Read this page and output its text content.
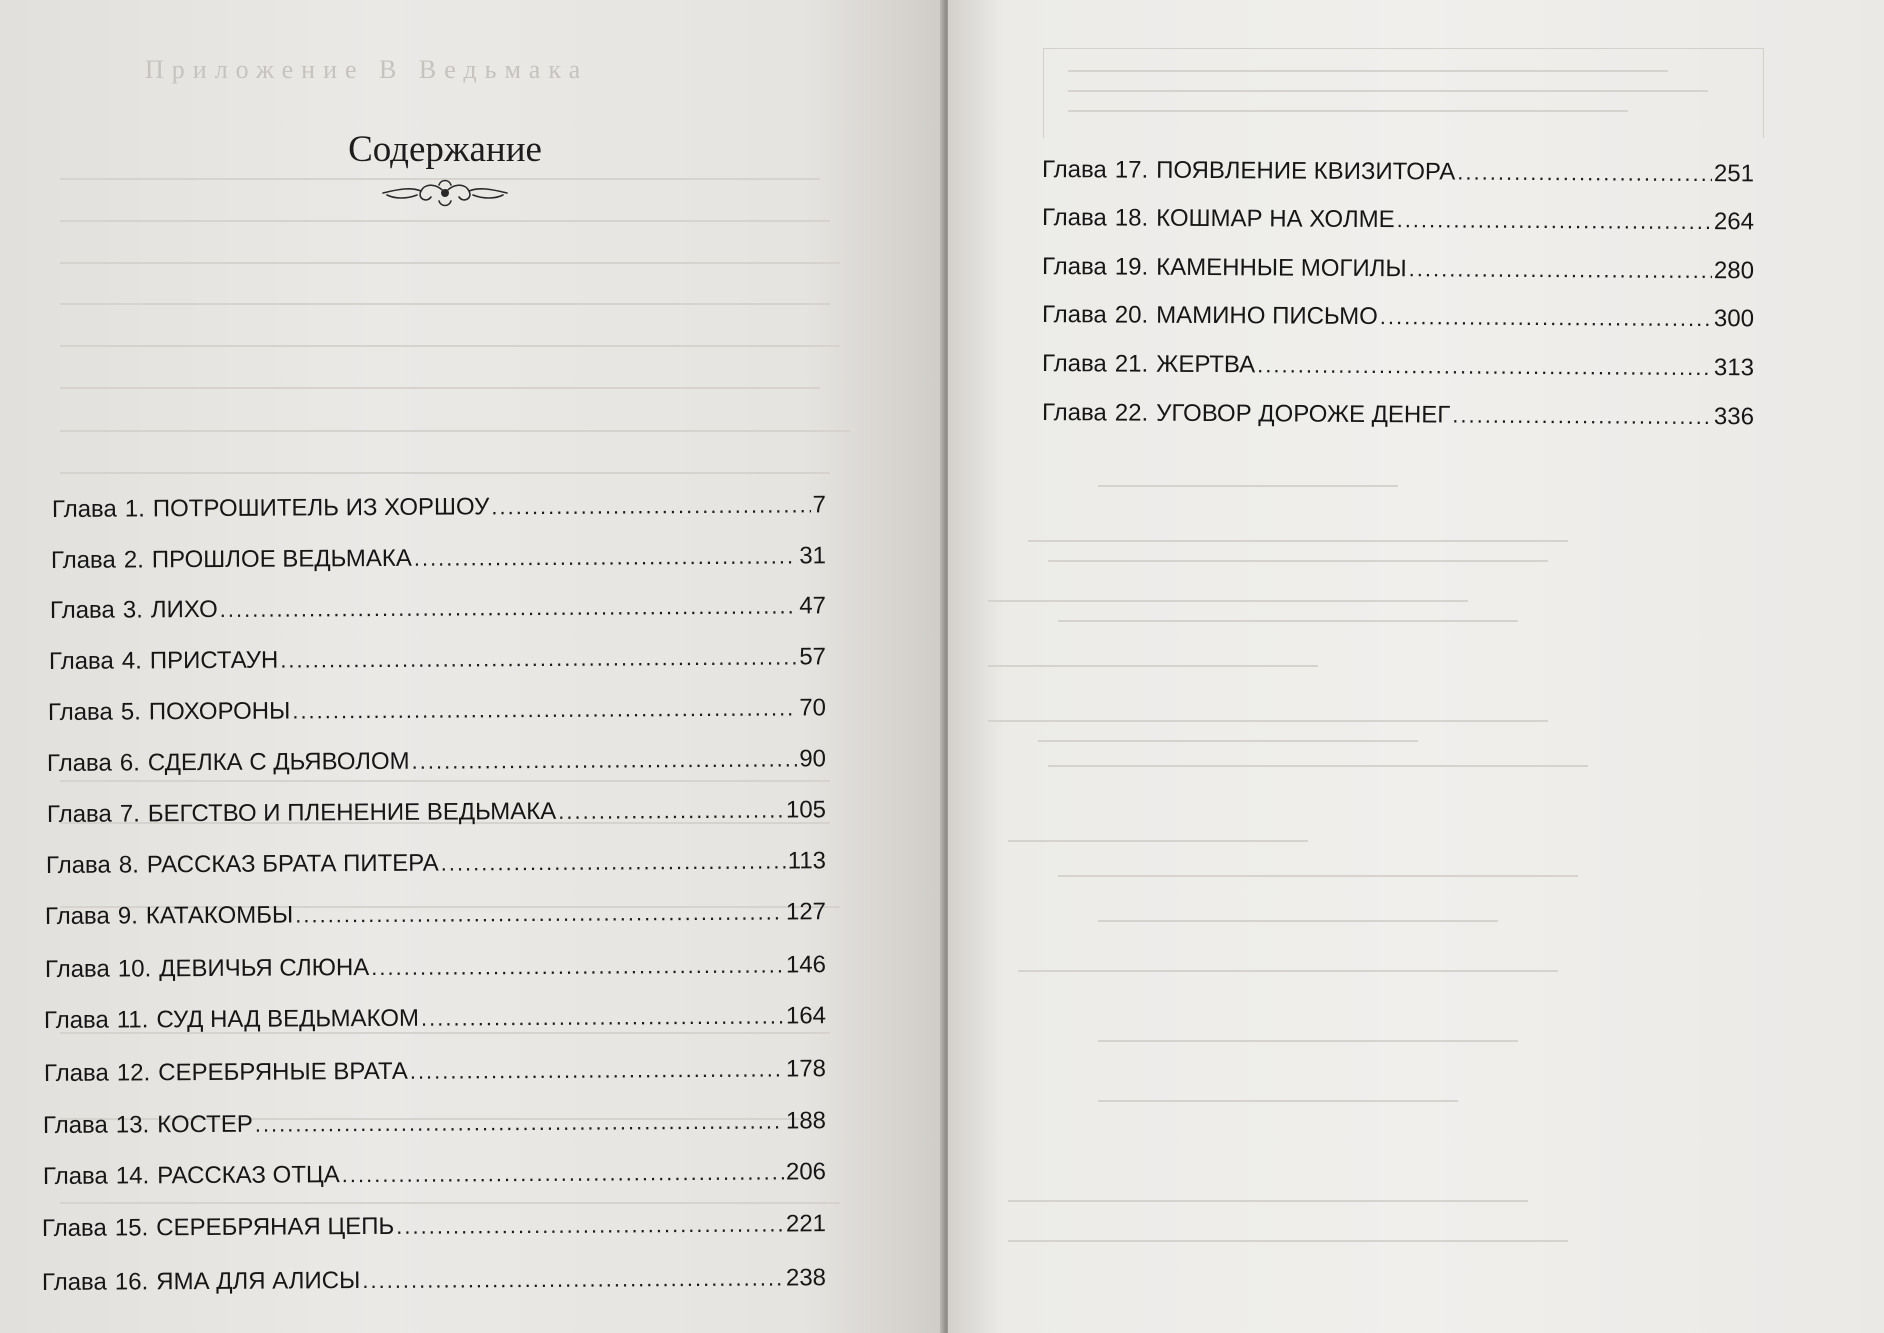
Приложение В Ведьмака
Содержание
Глава 1. ПОТРОШИТЕЛЬ ИЗ ХОРШОУ .....	7
Глава 2. ПРОШЛОЕ ВЕДЬМАКА .....	31
Глава 3. ЛИХО .....	47
Глава 4. ПРИСТАУН .....	57
Глава 5. ПОХОРОНЫ .....	70
Глава 6. СДЕЛКА С ДЬЯВОЛОМ .....	90
Глава 7. БЕГСТВО И ПЛЕНЕНИЕ ВЕДЬМАКА .....	105
Глава 8. РАССКАЗ БРАТА ПИТЕРА .....	113
Глава 9. КАТАКОМБЫ .....	127
Глава 10. ДЕВИЧЬЯ СЛЮНА .....	146
Глава 11. СУД НАД ВЕДЬМАКОМ .....	164
Глава 12. СЕРЕБРЯНЫЕ ВРАТА .....	178
Глава 13. КОСТЕР .....	188
Глава 14. РАССКАЗ ОТЦА .....	206
Глава 15. СЕРЕБРЯНАЯ ЦЕПЬ .....	221
Глава 16. ЯМА ДЛЯ АЛИСЫ .....	238
Глава 17. ПОЯВЛЕНИЕ КВИЗИТОРА .....	251
Глава 18. КОШМАР НА ХОЛМЕ .....	264
Глава 19. КАМЕННЫЕ МОГИЛЫ .....	280
Глава 20. МАМИНО ПИСЬМО .....	300
Глава 21. ЖЕРТВА .....	313
Глава 22. УГОВОР ДОРОЖЕ ДЕНЕГ .....	336
